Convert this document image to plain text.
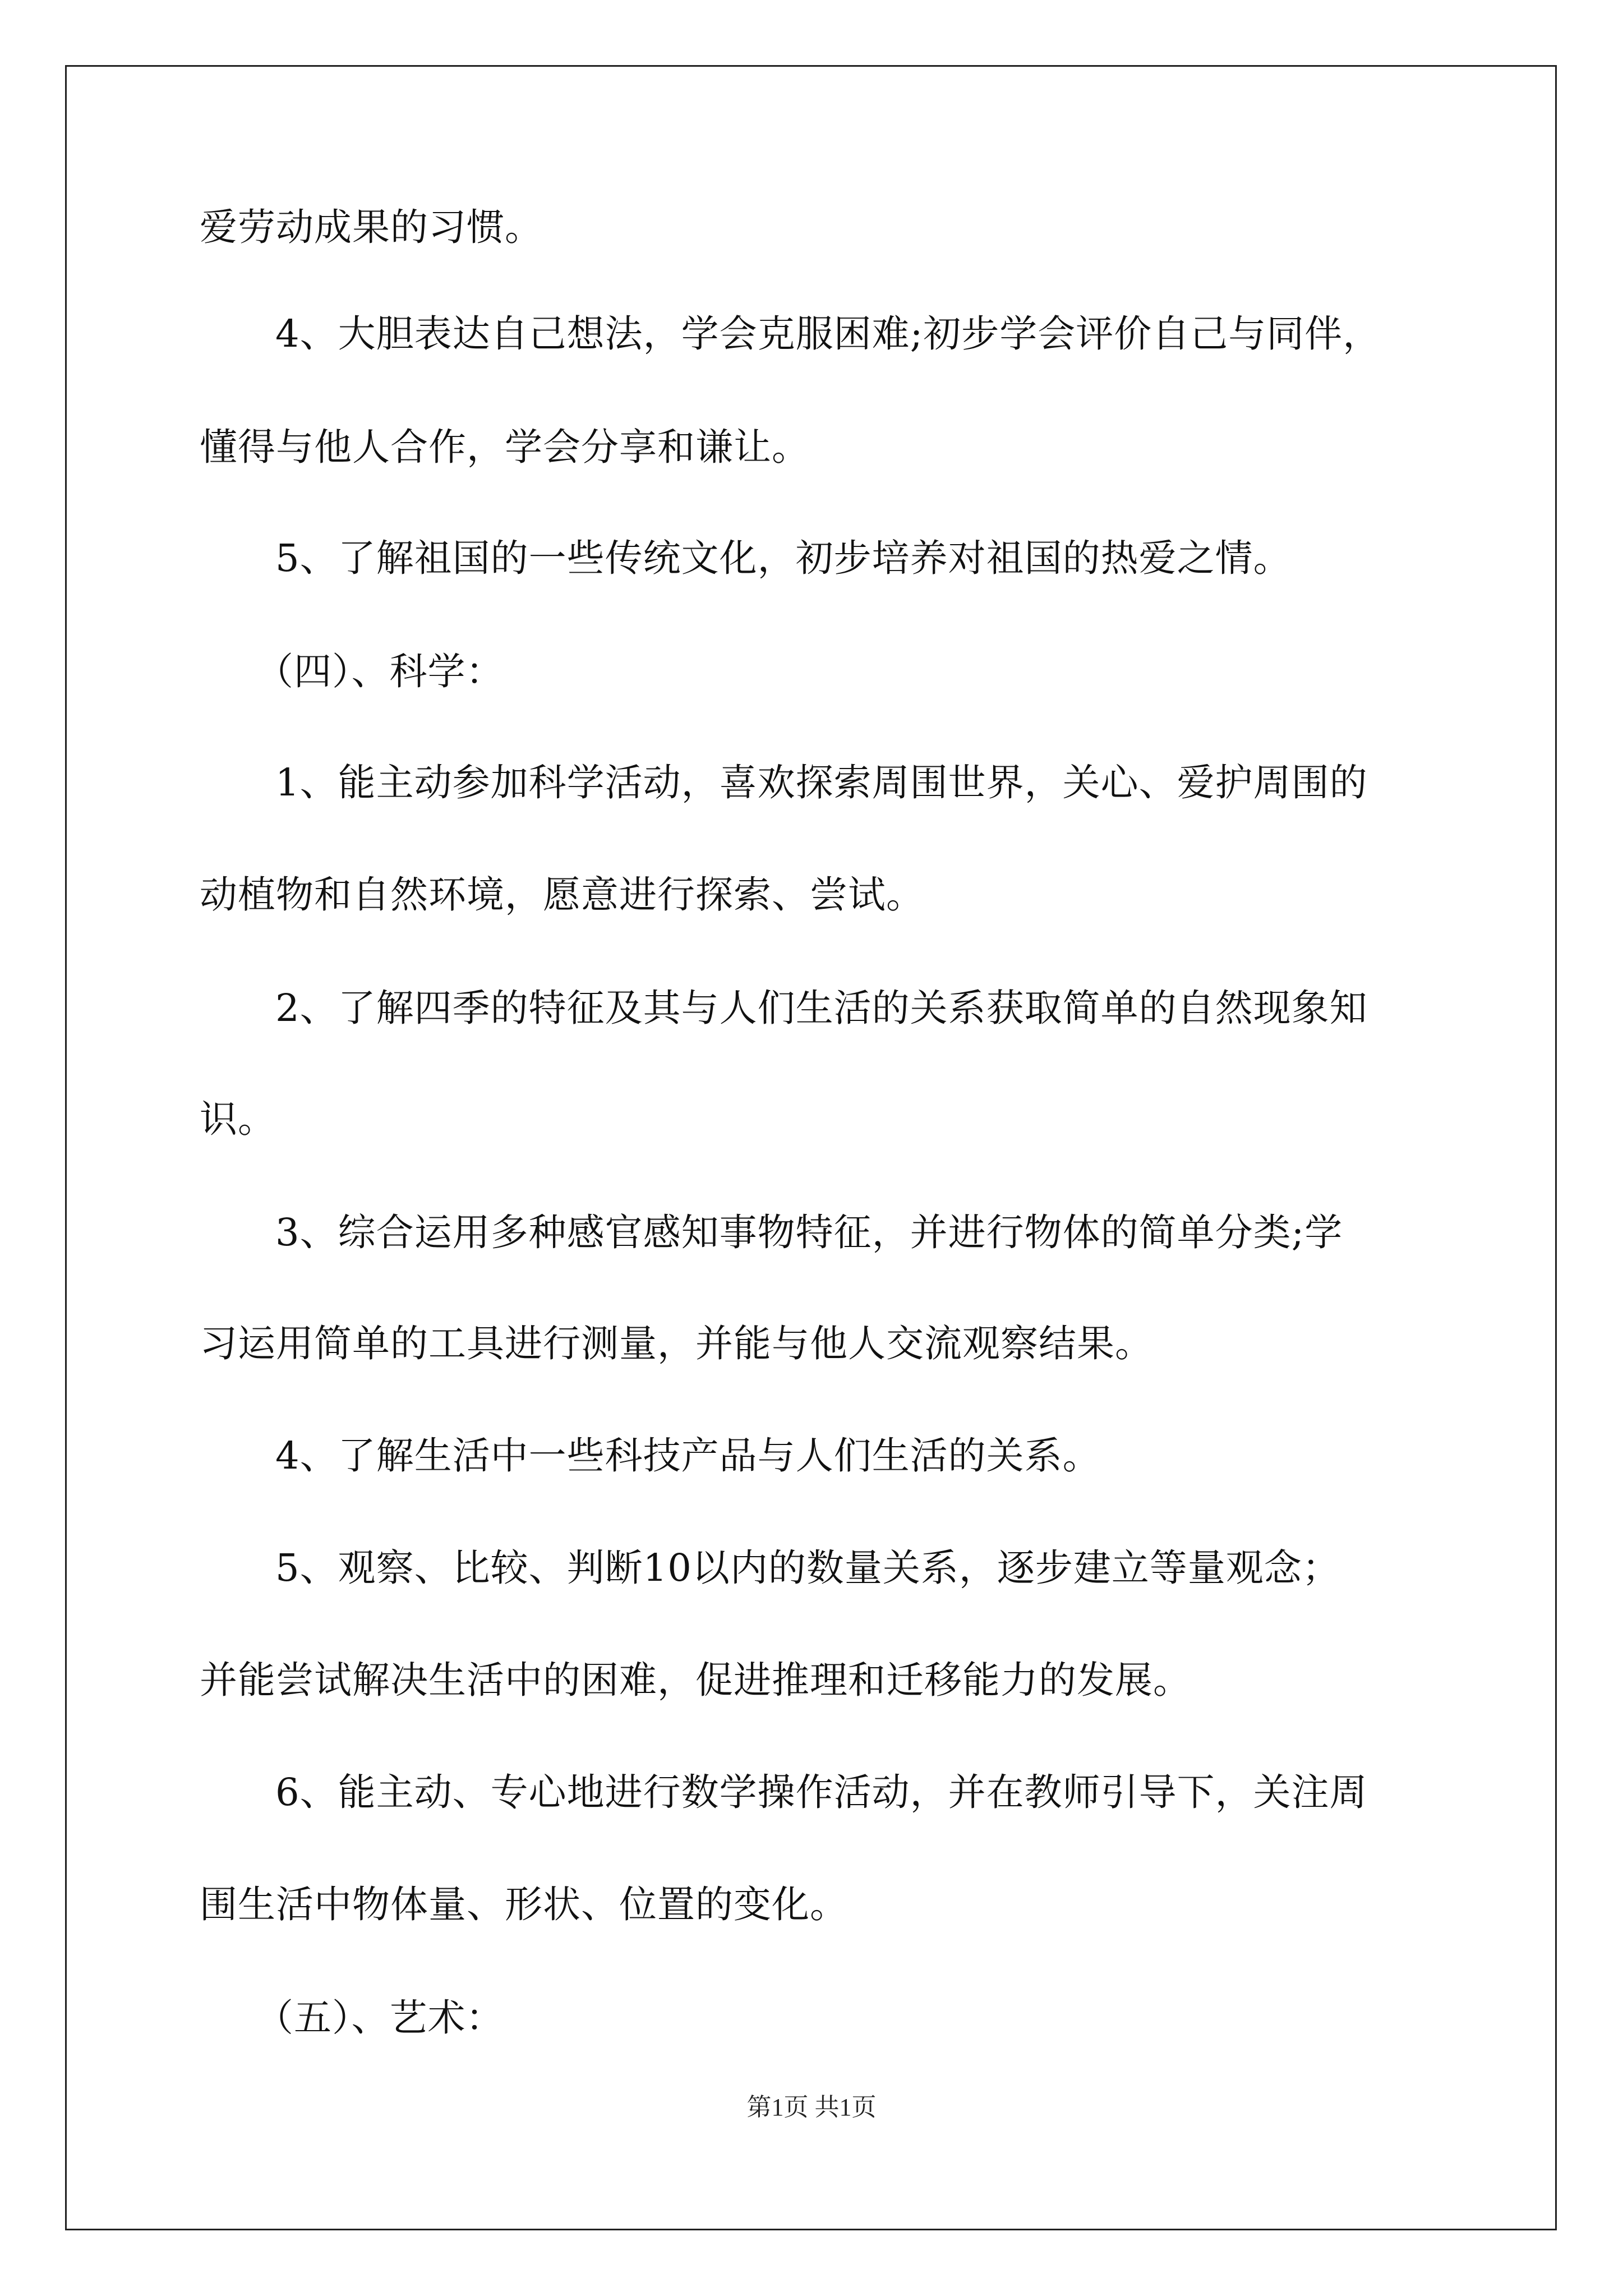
爱劳动成果的习惯。
4、大胆表达自己想法，学会克服困难;初步学会评价自己与同伴，
懂得与他人合作，学会分享和谦让。
5、了解祖国的一些传统文化，初步培养对祖国的热爱之情。
（四）、科学：
1、能主动参加科学活动，喜欢探索周围世界，关心、爱护周围的
动植物和自然环境，愿意进行探索、尝试。
2、了解四季的特征及其与人们生活的关系获取简单的自然现象知
识。
3、综合运用多种感官感知事物特征，并进行物体的简单分类;学
习运用简单的工具进行测量，并能与他人交流观察结果。
4、了解生活中一些科技产品与人们生活的关系。
5、观察、比较、判断10以内的数量关系，逐步建立等量观念；
并能尝试解决生活中的困难，促进推理和迁移能力的发展。
6、能主动、专心地进行数学操作活动，并在教师引导下，关注周
围生活中物体量、形状、位置的变化。
（五）、艺术：
第1页 共1页
